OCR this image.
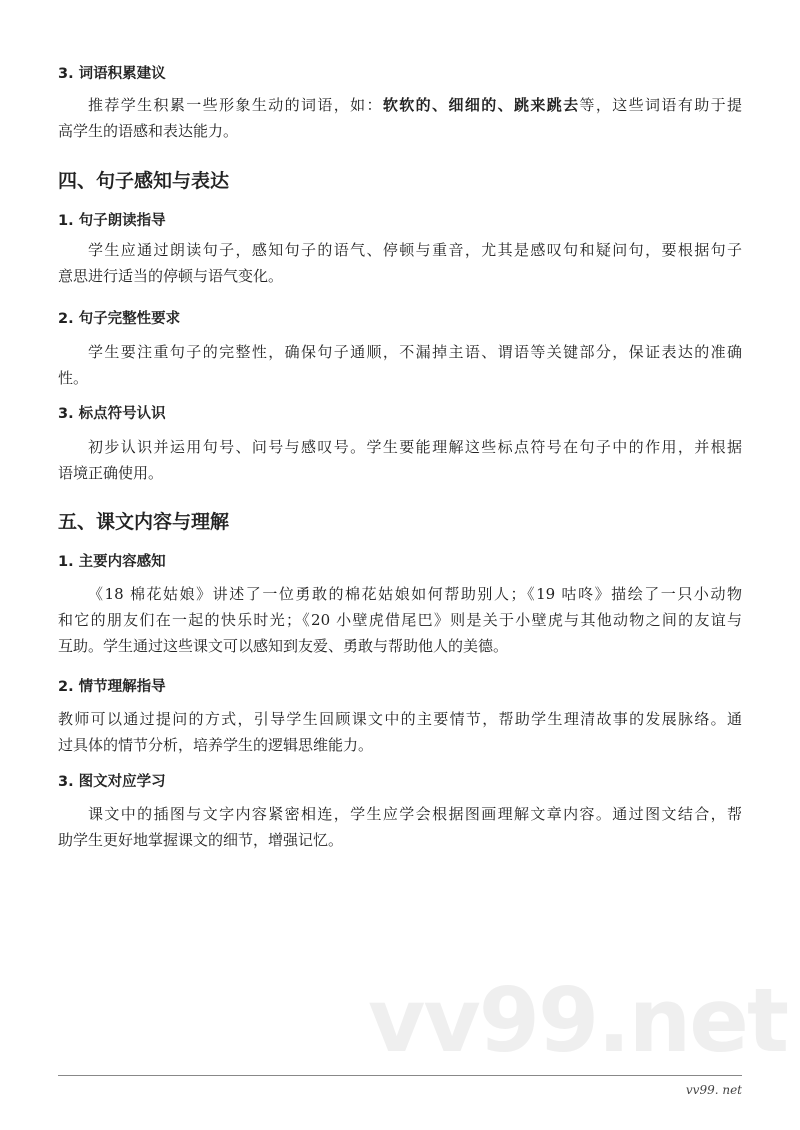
3. 词语积累建议
推荐学生积累一些形象生动的词语，如：软软的、细细的、跳来跳去等，这些词语有助于提
高学生的语感和表达能力。
四、句子感知与表达
1. 句子朗读指导
学生应通过朗读句子，感知句子的语气、停顿与重音，尤其是感叹句和疑问句，要根据句子
意思进行适当的停顿与语气变化。
2. 句子完整性要求
学生要注重句子的完整性，确保句子通顺，不漏掉主语、谓语等关键部分，保证表达的准确
性。
3. 标点符号认识
初步认识并运用句号、问号与感叹号。学生要能理解这些标点符号在句子中的作用，并根据
语境正确使用。
五、课文内容与理解
1. 主要内容感知
《18 棉花姑娘》讲述了一位勇敢的棉花姑娘如何帮助别人；《19 咕咚》描绘了一只小动物
和它的朋友们在一起的快乐时光；《20 小壁虎借尾巴》则是关于小壁虎与其他动物之间的友谊与
互助。学生通过这些课文可以感知到友爱、勇敢与帮助他人的美德。
2. 情节理解指导
教师可以通过提问的方式，引导学生回顾课文中的主要情节，帮助学生理清故事的发展脉络。通
过具体的情节分析，培养学生的逻辑思维能力。
3. 图文对应学习
课文中的插图与文字内容紧密相连，学生应学会根据图画理解文章内容。通过图文结合，帮
助学生更好地掌握课文的细节，增强记忆。
vv99.net
vv99. net
